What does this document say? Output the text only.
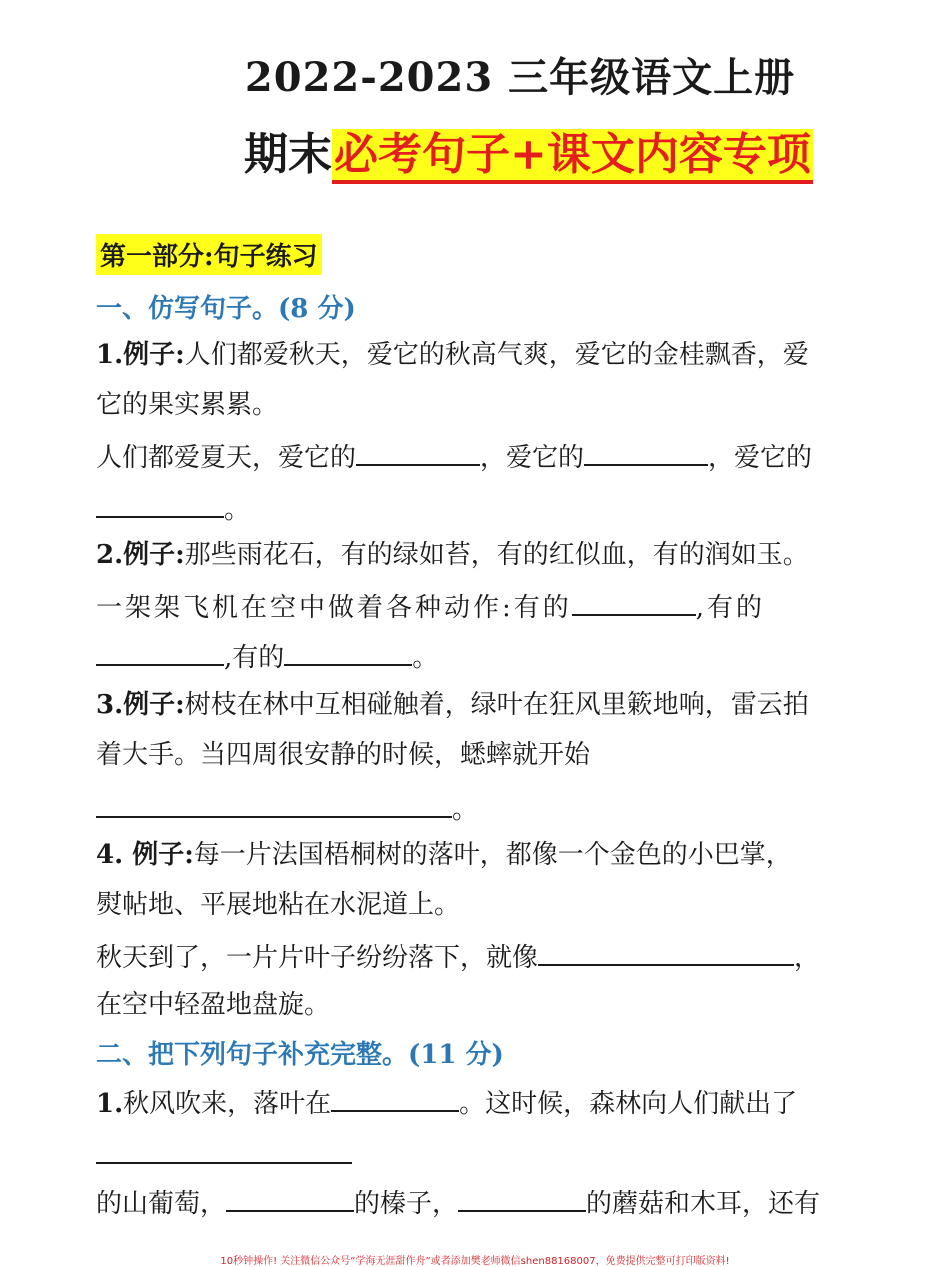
2022-2023 三年级语文上册
期末必考句子+课文内容专项
第一部分:句子练习
一、仿写句子。(8 分)
1.例子:人们都爱秋天，爱它的秋高气爽，爱它的金桂飘香，爱
它的果实累累。
人们都爱夏天，爱它的	，爱它的	，爱它的
。
2.例子:那些雨花石，有的绿如苔，有的红似血，有的润如玉。
一架架飞机在空中做着各种动作:有的	,有的
,有的	。
3.例子:树枝在林中互相碰触着，绿叶在狂风里簌地响，雷云拍
着大手。当四周很安静的时候，蟋蟀就开始
。
4. 例子:每一片法国梧桐树的落叶，都像一个金色的小巴掌，
熨帖地、平展地粘在水泥道上。
秋天到了，一片片叶子纷纷落下，就像	，
在空中轻盈地盘旋。
二、把下列句子补充完整。(11 分)
1.秋风吹来，落叶在	。这时候，森林向人们献出了
的山葡萄，	的榛子，	的蘑菇和木耳，还有
10秒钟操作! 关注微信公众号“学海无涯甜作舟”或者添加樊老师微信shen88168007，免费提供完整可打印版资料!
